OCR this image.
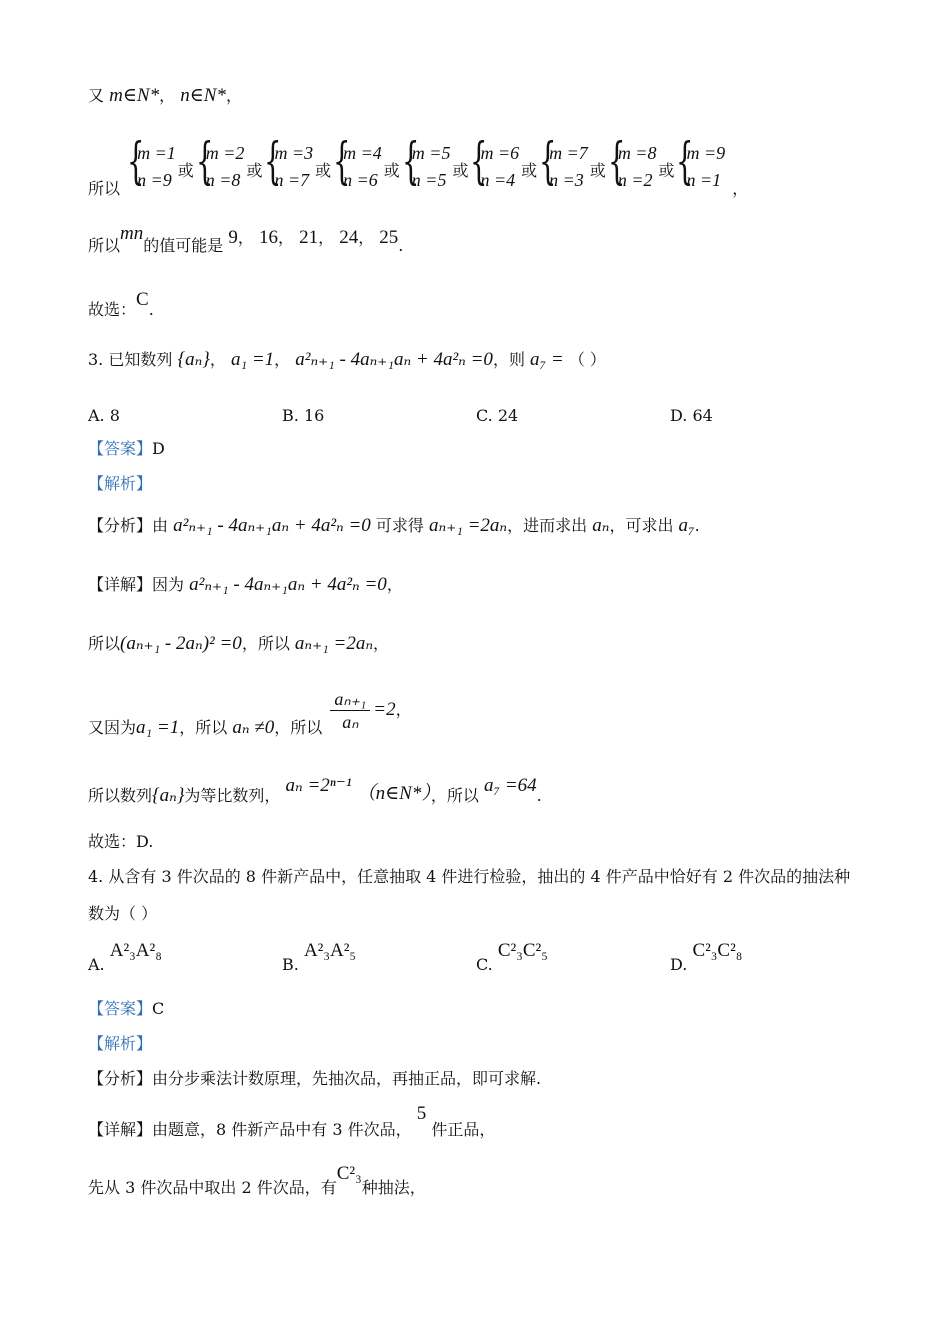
又 m∈N*， n∈N*，
所以 {
m =1
n =9 或 {
m =2
n =8 或 {
m =3
n =7 或 {
m =4
n =6 或 {
m =5
n =5 或 {
m =6
n =4 或 {
m =7
n =3 或 {
m =8
n =2 或 {
m =9
n =1 ，
所以mn的值可能是 9， 16， 21， 24， 25.
故选：C.
3. 已知数列 {aₙ}， a₁ =1， a²ₙ₊₁ - 4aₙ₊₁aₙ + 4a²ₙ =0，则 a₇ = （ ）
A. 8	B. 16	C. 24	D. 64
【答案】D
【解析】
【分析】由 a²ₙ₊₁ - 4aₙ₊₁aₙ + 4a²ₙ =0 可求得 aₙ₊₁ =2aₙ，进而求出 aₙ，可求出 a₇.
【详解】因为 a²ₙ₊₁ - 4aₙ₊₁aₙ + 4a²ₙ =0，
所以(aₙ₊₁ - 2aₙ)² =0，所以 aₙ₊₁ =2aₙ，
又因为a₁ =1，所以 aₙ ≠0，所以 $\frac{\text{aₙ₊₁}}{\text{aₙ}} =2$，
所以数列{aₙ}为等比数列， aₙ =2ⁿ⁻¹ （n∈N*），所以 a₇ =64.
故选：D.
4. 从含有 3 件次品的 8 件新产品中，任意抽取 4 件进行检验，抽出的 4 件产品中恰好有 2 件次品的抽法种
数为（ ）
A. A²₃A²₈
B. A²₃A²₅
C. C²₃C²₅
D. C²₃C²₈
【答案】C
【解析】
【分析】由分步乘法计数原理，先抽次品，再抽正品，即可求解.
【详解】由题意，8 件新产品中有 3 件次品， 5 件正品，
先从 3 件次品中取出 2 件次品，有C²₃种抽法，
